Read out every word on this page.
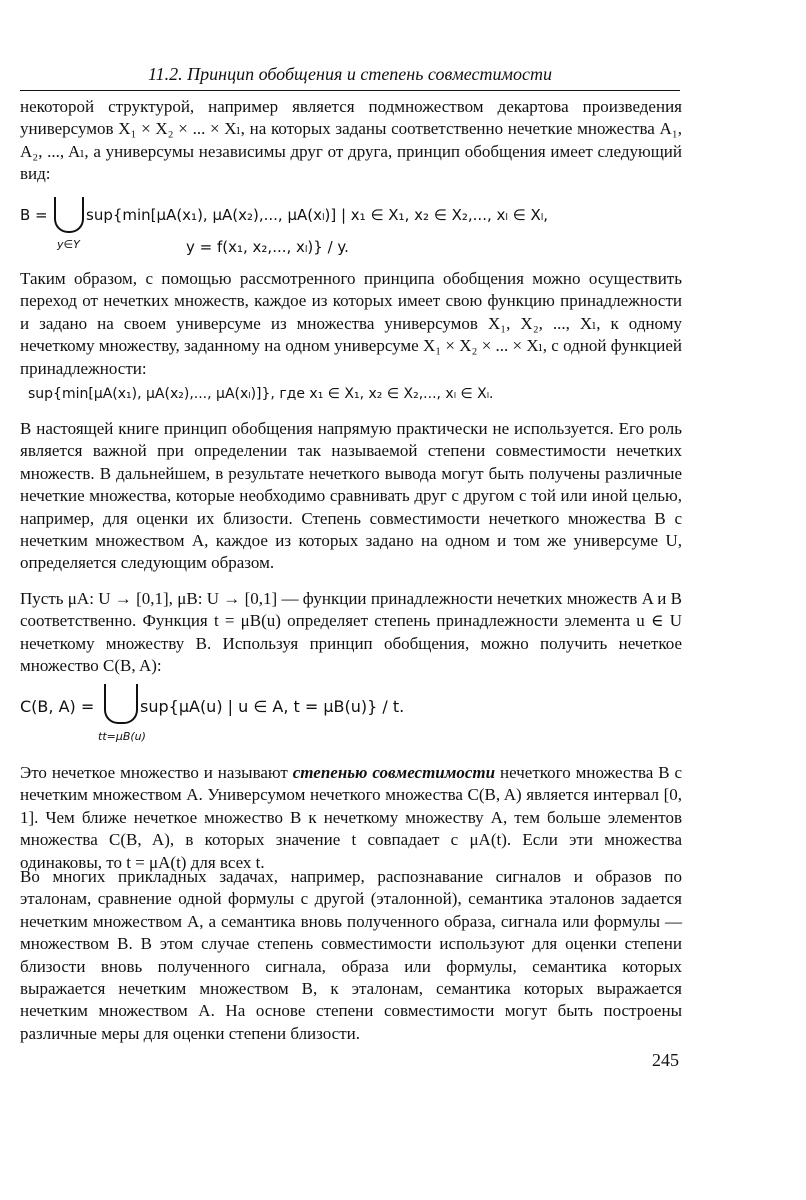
11.2. Принцип обобщения и степень совместимости
некоторой структурой, например является подмножеством декартова произведения универсумов X₁ × X₂ × ... × Xₗ, на которых заданы соответственно нечеткие множества A₁, A₂, ..., Aₗ, а универсумы независимы друг от друга, принцип обобщения имеет следующий вид:
B =
y∈Y
sup{min[μA(x₁), μA(x₂),..., μA(xₗ)] | x₁ ∈ X₁, x₂ ∈ X₂,..., xₗ ∈ Xₗ,
y = f(x₁, x₂,..., xₗ)} / y.
Таким образом, с помощью рассмотренного принципа обобщения можно осуществить переход от нечетких множеств, каждое из которых имеет свою функцию принадлежности и задано на своем универсуме из множества универсумов X₁, X₂, ..., Xₗ, к одному нечеткому множеству, заданному на одном универсуме X₁ × X₂ × ... × Xₗ, с одной функцией принадлежности:
sup{min[μA(x₁), μA(x₂),..., μA(xₗ)]}, где x₁ ∈ X₁, x₂ ∈ X₂,..., xₗ ∈ Xₗ.
В настоящей книге принцип обобщения напрямую практически не используется. Его роль является важной при определении так называемой степени совместимости нечетких множеств. В дальнейшем, в результате нечеткого вывода могут быть получены различные нечеткие множества, которые необходимо сравнивать друг с другом с той или иной целью, например, для оценки их близости. Степень совместимости нечеткого множества B с нечетким множеством A, каждое из которых задано на одном и том же универсуме U, определяется следующим образом.
Пусть μA: U → [0,1], μB: U → [0,1] — функции принадлежности нечетких множеств A и B соответственно. Функция t = μB(u) определяет степень принадлежности элемента u ∈ U нечеткому множеству B. Используя принцип обобщения, можно получить нечеткое множество C(B, A):
C(B, A) =
tt=μB(u)
sup{μA(u) | u ∈ A, t = μB(u)} / t.
Это нечеткое множество и называют степенью совместимости нечеткого множества B с нечетким множеством A. Универсумом нечеткого множества C(B, A) является интервал [0, 1]. Чем ближе нечеткое множество B к нечеткому множеству A, тем больше элементов множества C(B, A), в которых значение t совпадает с μA(t). Если эти множества одинаковы, то t = μA(t) для всех t.
Во многих прикладных задачах, например, распознавание сигналов и образов по эталонам, сравнение одной формулы с другой (эталонной), семантика эталонов задается нечетким множеством A, а семантика вновь полученного образа, сигнала или формулы — множеством B. В этом случае степень совместимости используют для оценки степени близости вновь полученного сигнала, образа или формулы, семантика которых выражается нечетким множеством B, к эталонам, семантика которых выражается нечетким множеством A. На основе степени совместимости могут быть построены различные меры для оценки степени близости.
245
